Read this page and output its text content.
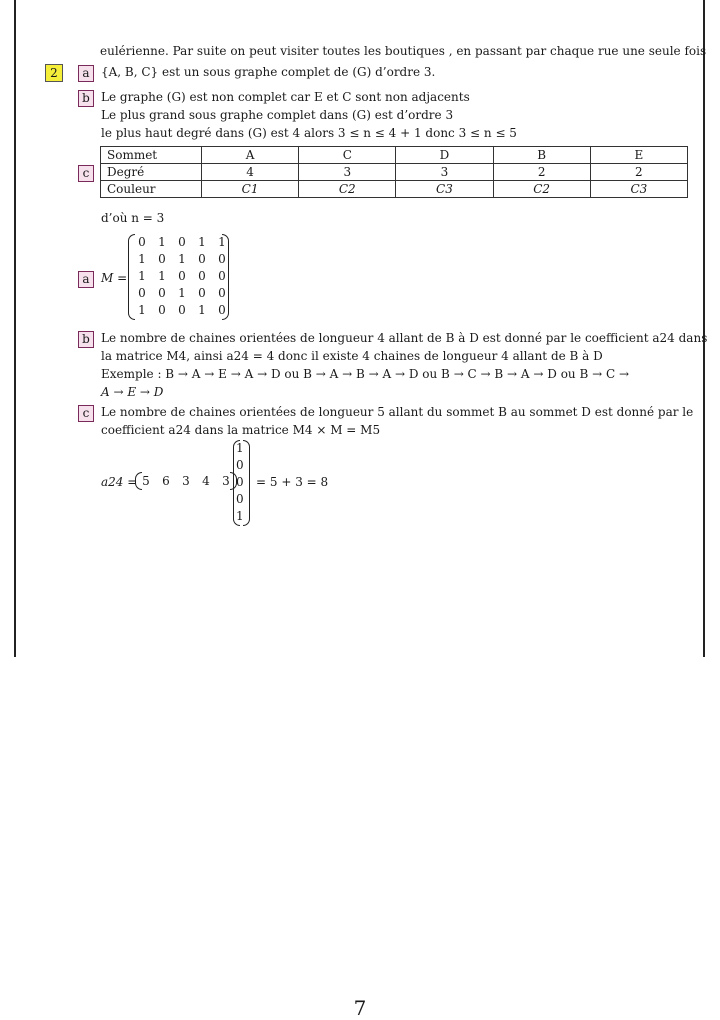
eulérienne. Par suite on peut visiter toutes les boutiques , en passant par chaque rue une seule fois
2	a {A, B, C} est un sous graphe complet de (G) d’ordre 3.
b Le graphe (G) est non complet car E et C sont non adjacents
Le plus grand sous graphe complet dans (G) est d’ordre 3
le plus haut degré dans (G) est 4 alors 3 ≤ n ≤ 4 + 1 donc 3 ≤ n ≤ 5
c
Sommet	A	C	D	B	E
Degré	4	3	3	2	2
Couleur	C1	C2	C3	C2	C3
d’où n = 3
a M =
0 1 0 1 1
1 0 1 0 0
1 1 0 0 0
0 0 1 0 0
1 0 0 1 0
b Le nombre de chaines orientées de longueur 4 allant de B à D est donné par le coefficient a24 dans
la matrice M4, ainsi a24 = 4 donc il existe 4 chaines de longueur 4 allant de B à D
Exemple : B → A → E → A → D ou B → A → B → A → D ou B → C → B → A → D ou B → C →
A → E → D
c Le nombre de chaines orientées de longueur 5 allant du sommet B au sommet D est donné par le
coefficient a24 dans la matrice M4 × M = M5
a24 = 5 6 3 4 3
1
0
0
0
1
= 5 + 3 = 8
7
